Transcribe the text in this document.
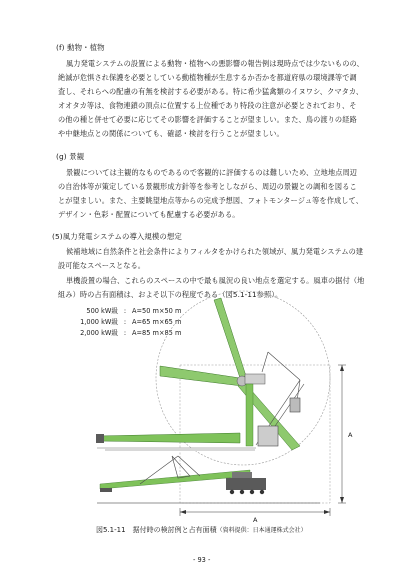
(f) 動物・植物
風力発電システムの設置による動物・植物への悪影響の報告例は現時点では少ないものの、
絶滅が危惧され保護を必要としている動植物種が生息するか否かを都道府県の環境課等で調
査し、それらへの配慮の有無を検討する必要がある。特に希少猛禽類のイヌワシ、クマタカ、
オオタカ等は、食物連鎖の頂点に位置する上位種であり特段の注意が必要とされており、そ
の他の種と併せて必要に応じてその影響を評価することが望ましい。また、鳥の渡りの経路
や中継地点との関係についても、確認・検討を行うことが望ましい。
(g) 景観
景観については主観的なものであるので客観的に評価するのは難しいため、立地地点周辺
の自治体等が策定している景観形成方針等を参考としながら、周辺の景観との調和を図るこ
とが望ましい。また、主要眺望地点等からの完成予想図、フォトモンタージュ等を作成して、
デザイン・色彩・配置についても配慮する必要がある。
(5)風力発電システムの導入規模の想定
候補地域に自然条件と社会条件によりフィルタをかけられた領域が、風力発電システムの建
設可能なスペースとなる。
単機設置の場合、これらのスペースの中で最も風況の良い地点を選定する。風車の据付（地
組み）時の占有面積は、およそ以下の程度である（図5.1-11参照）。
500 kW級 : A=50 m×50 m
1,000 kW級 : A=65 m×65 m
2,000 kW級 : A=85 m×85 m
A
A
図5.1-11　据付時の検討例と占有面積（資料提供：日本通運株式会社）
- 93 -
